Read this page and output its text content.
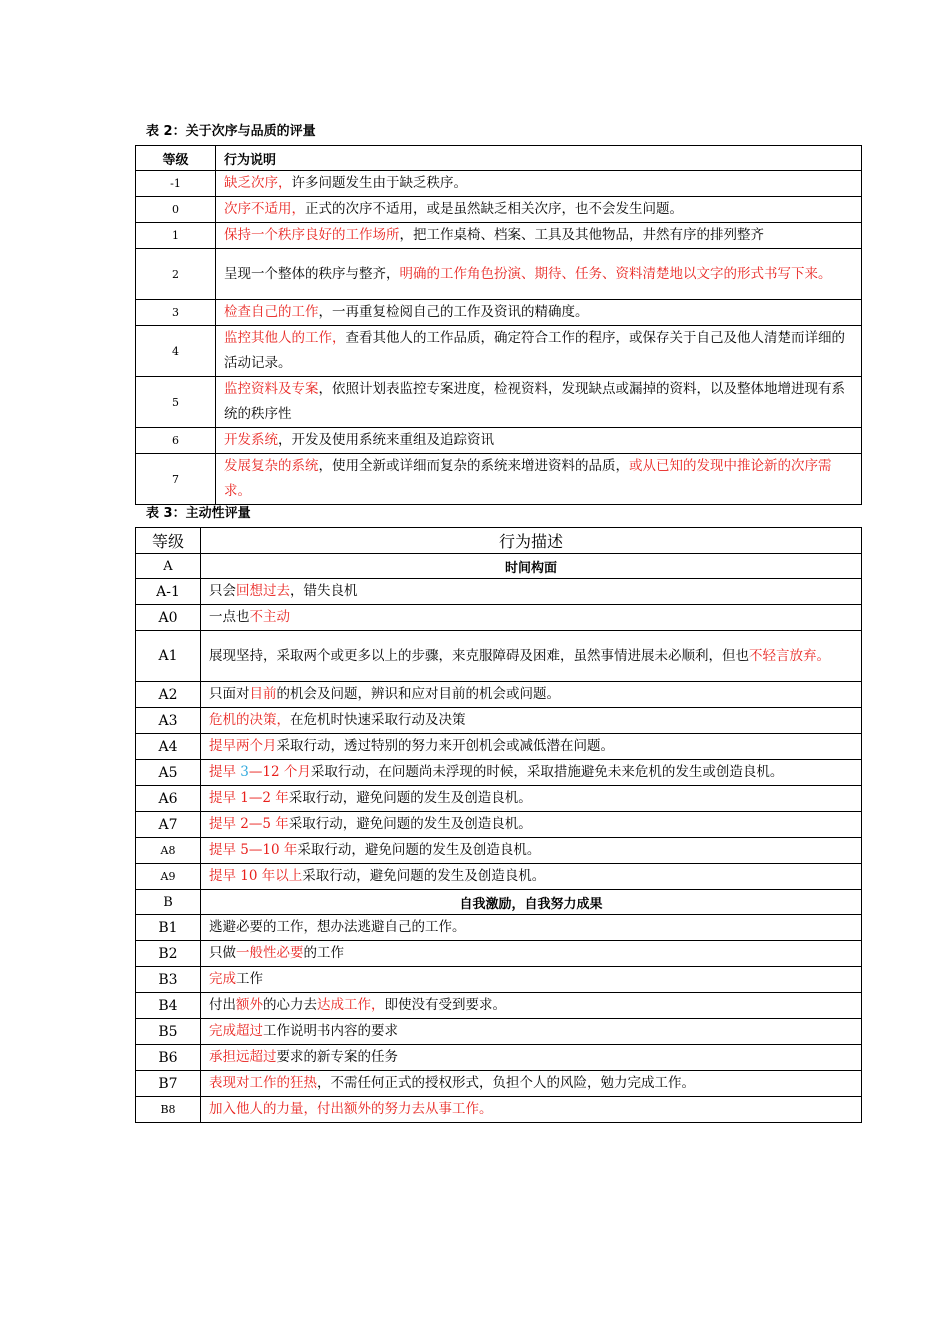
表 2：关于次序与品质的评量
等级	行为说明
-1	缺乏次序，许多问题发生由于缺乏秩序。
0	次序不适用，正式的次序不适用，或是虽然缺乏相关次序，也不会发生问题。
1	保持一个秩序良好的工作场所，把工作桌椅、档案、工具及其他物品，井然有序的排列整齐
2	呈现一个整体的秩序与整齐，明确的工作角色扮演、期待、任务、资料清楚地以文字的形式书写下来。
3	检查自己的工作，一再重复检阅自己的工作及资讯的精确度。
4	监控其他人的工作，查看其他人的工作品质，确定符合工作的程序，或保存关于自己及他人清楚而详细的活动记录。
5	监控资料及专案，依照计划表监控专案进度，检视资料，发现缺点或漏掉的资料，以及整体地增进现有系统的秩序性
6	开发系统，开发及使用系统来重组及追踪资讯
7	发展复杂的系统，使用全新或详细而复杂的系统来增进资料的品质，或从已知的发现中推论新的次序需求。
表 3：主动性评量
等级	行为描述
A	时间构面
A-1	只会回想过去，错失良机
A0	一点也不主动
A1	展现坚持，采取两个或更多以上的步骤，来克服障碍及困难，虽然事情进展未必顺利，但也不轻言放弃。
A2	只面对目前的机会及问题，辨识和应对目前的机会或问题。
A3	危机的决策，在危机时快速采取行动及决策
A4	提早两个月采取行动，透过特别的努力来开创机会或减低潜在问题。
A5	提早 3—12 个月采取行动，在问题尚未浮现的时候，采取措施避免未来危机的发生或创造良机。
A6	提早 1—2 年采取行动，避免问题的发生及创造良机。
A7	提早 2—5 年采取行动，避免问题的发生及创造良机。
A8	提早 5—10 年采取行动，避免问题的发生及创造良机。
A9	提早 10 年以上采取行动，避免问题的发生及创造良机。
B	自我激励，自我努力成果
B1	逃避必要的工作，想办法逃避自己的工作。
B2	只做一般性必要的工作
B3	完成工作
B4	付出额外的心力去达成工作，即使没有受到要求。
B5	完成超过工作说明书内容的要求
B6	承担远超过要求的新专案的任务
B7	表现对工作的狂热，不需任何正式的授权形式，负担个人的风险，勉力完成工作。
B8	加入他人的力量，付出额外的努力去从事工作。
